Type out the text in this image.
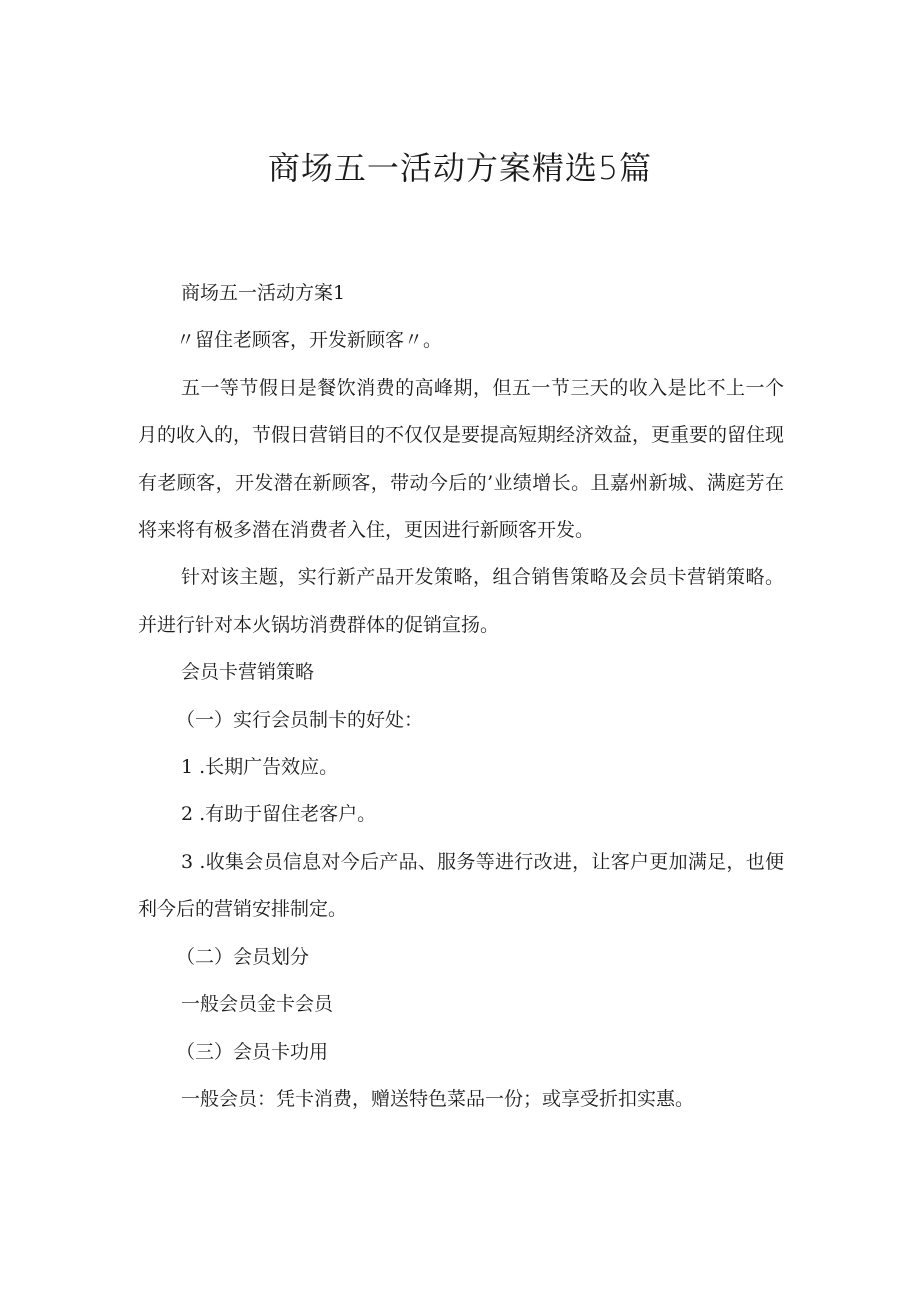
商场五一活动方案精选5篇

商场五一活动方案1

〃留住老顾客，开发新顾客〃。

五一等节假日是餐饮消费的高峰期，但五一节三天的收入是比不上一个月的收入的，节假日营销目的不仅仅是要提高短期经济效益，更重要的留住现有老顾客，开发潜在新顾客，带动今后的’业绩增长。且嘉州新城、满庭芳在将来将有极多潜在消费者入住，更因进行新顾客开发。

针对该主题，实行新产品开发策略，组合销售策略及会员卡营销策略。并进行针对本火锅坊消费群体的促销宣扬。

会员卡营销策略

（一）实行会员制卡的好处：

1 .长期广告效应。

2 .有助于留住老客户。

3 .收集会员信息对今后产品、服务等进行改进，让客户更加满足，也便利今后的营销安排制定。

（二）会员划分

一般会员金卡会员

（三）会员卡功用

一般会员：凭卡消费，赠送特色菜品一份；或享受折扣实惠。
